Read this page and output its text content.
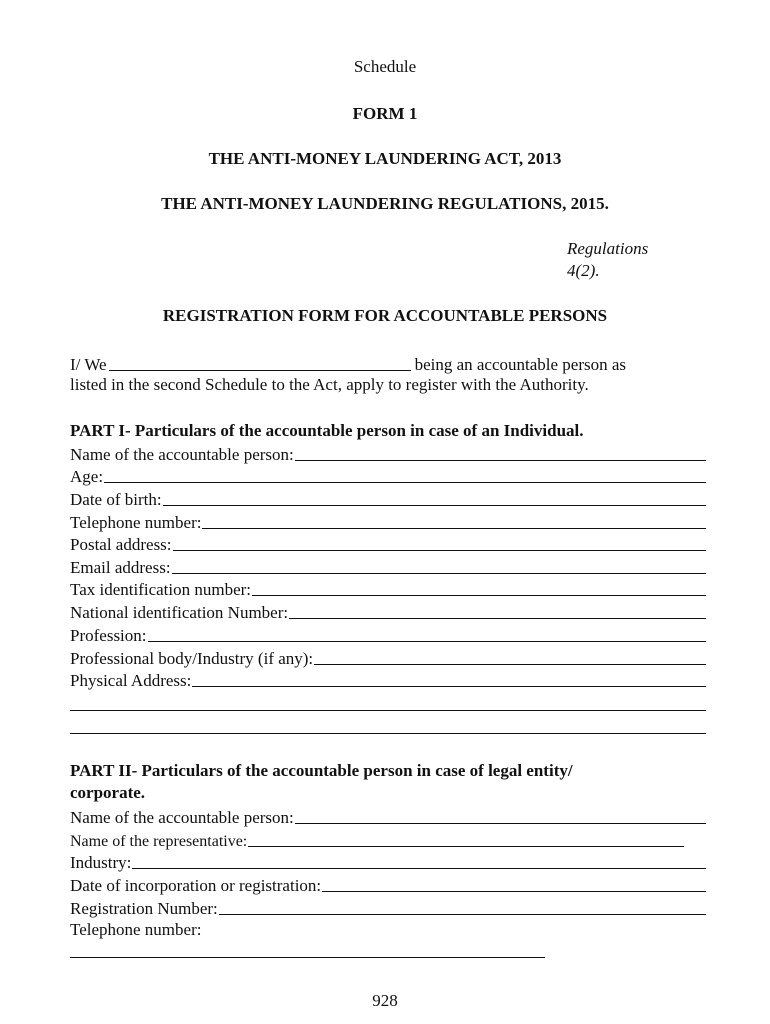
Schedule
FORM 1
THE ANTI-MONEY LAUNDERING ACT, 2013
THE ANTI-MONEY LAUNDERING REGULATIONS, 2015.
Regulations
4(2).
REGISTRATION FORM FOR ACCOUNTABLE PERSONS
I/ We	being an accountable person as
listed in the second Schedule to the Act, apply to register with the Authority.
PART I- Particulars of the accountable person in case of an Individual.
Name of the accountable person:
Age:
Date of birth:
Telephone number:
Postal address:
Email address:
Tax identification number:
National identification Number:
Profession:
Professional body/Industry (if any):
Physical Address:
PART II- Particulars of the accountable person in case of legal entity/
corporate.
Name of the accountable person:
Name of the representative:
Industry:
Date of incorporation or registration:
Registration Number:
Telephone number:
928
